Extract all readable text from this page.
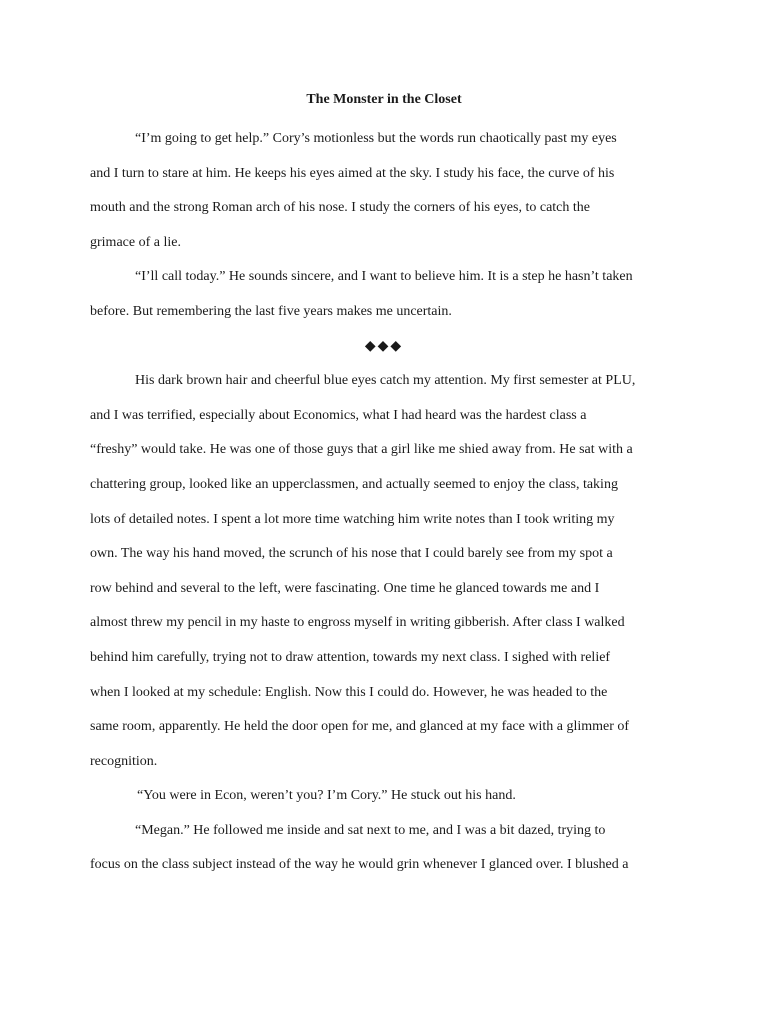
The Monster in the Closet

“I’m going to get help.” Cory’s motionless but the words run chaotically past my eyes
and I turn to stare at him. He keeps his eyes aimed at the sky. I study his face, the curve of his
mouth and the strong Roman arch of his nose. I study the corners of his eyes, to catch the
grimace of a lie.

“I’ll call today.” He sounds sincere, and I want to believe him. It is a step he hasn’t taken
before. But remembering the last five years makes me uncertain.

◆◆◆

His dark brown hair and cheerful blue eyes catch my attention. My first semester at PLU,
and I was terrified, especially about Economics, what I had heard was the hardest class a
“freshy” would take. He was one of those guys that a girl like me shied away from. He sat with a
chattering group, looked like an upperclassmen, and actually seemed to enjoy the class, taking
lots of detailed notes. I spent a lot more time watching him write notes than I took writing my
own. The way his hand moved, the scrunch of his nose that I could barely see from my spot a
row behind and several to the left, were fascinating. One time he glanced towards me and I
almost threw my pencil in my haste to engross myself in writing gibberish. After class I walked
behind him carefully, trying not to draw attention, towards my next class. I sighed with relief
when I looked at my schedule: English. Now this I could do. However, he was headed to the
same room, apparently. He held the door open for me, and glanced at my face with a glimmer of
recognition.

“You were in Econ, weren’t you? I’m Cory.” He stuck out his hand.

“Megan.” He followed me inside and sat next to me, and I was a bit dazed, trying to
focus on the class subject instead of the way he would grin whenever I glanced over. I blushed a
